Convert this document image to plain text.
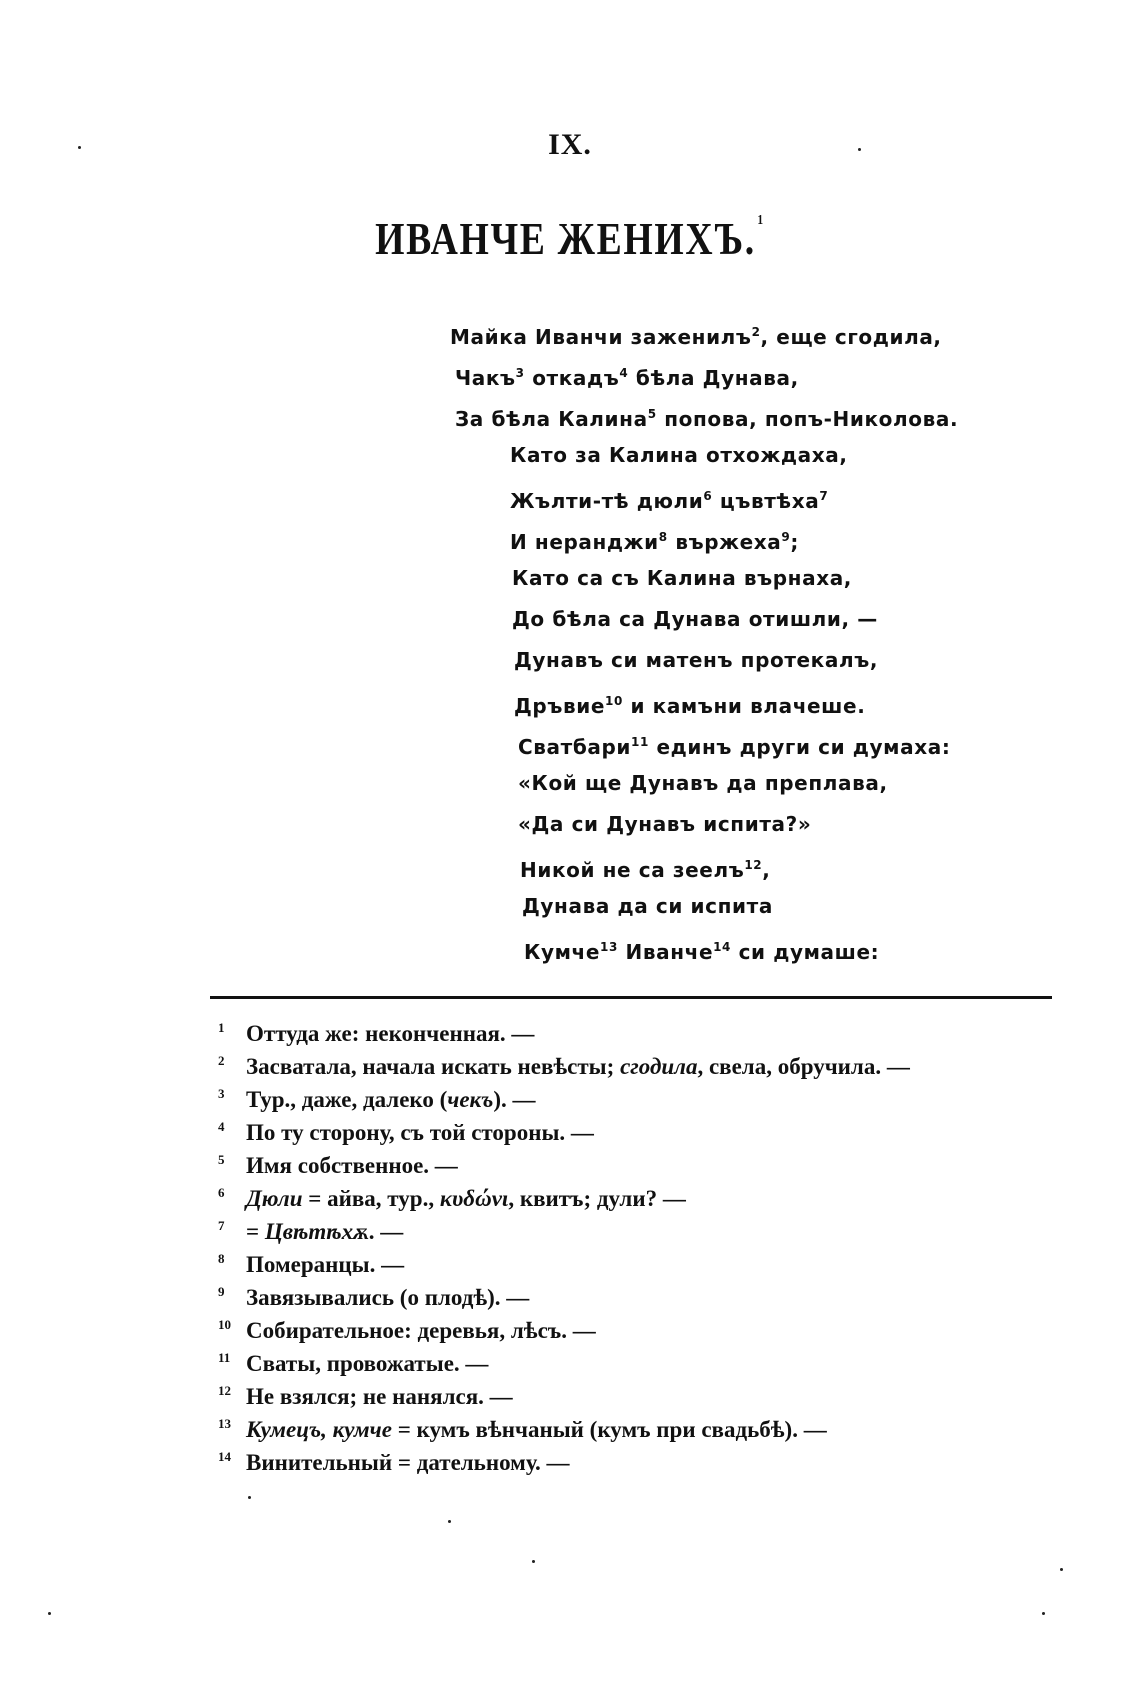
IX.
ИВАНЧЕ ЖЕНИХЪ. $^1$
Майка Иванчи заженилъ$^2$, еще сгодила,
Чакъ$^3$ откадъ$^4$ бѣла Дунава,
За бѣла Калина$^5$ попова, попъ-Николова.
Като за Калина отхождаха,
Жълти-тѣ дюли$^6$ цъвтѣха$^7$
И неранджи$^8$ вържеха$^9$;
Като са съ Калина върнаха,
До бѣла са Дунава отишли, —
Дунавъ си матенъ протекалъ,
Дръвие$^{10}$ и камъни влачеше.
Сватбари$^{11}$ единъ други си думаха:
«Кой ще Дунавъ да преплава,
«Да си Дунавъ испита?»
Никой не са зеелъ$^{12}$,
Дунава да си испита
Кумче$^{13}$ Иванче$^{14}$ си думаше:
1 Оттуда же: неконченная. —
2 Засватала, начала искать невѣсты; сгодила, свела, обручила. —
3 Тур., даже, далеко (чекъ). —
4 По ту сторону, съ той стороны. —
5 Имя собственное. —
6 Дюли = айва, тур., κυδώνι, квитъ; дули? —
7 = Цвѣтѣхѫ. —
8 Померанцы. —
9 Завязывались (о плодѣ). —
10 Собирательное: деревья, лѣсъ. —
11 Сваты, провожатые. —
12 Не взялся; не нанялся. —
13 Кумецъ, кумче = кумъ вѣнчаный (кумъ при свадьбѣ). —
14 Винительный = дательному. —
